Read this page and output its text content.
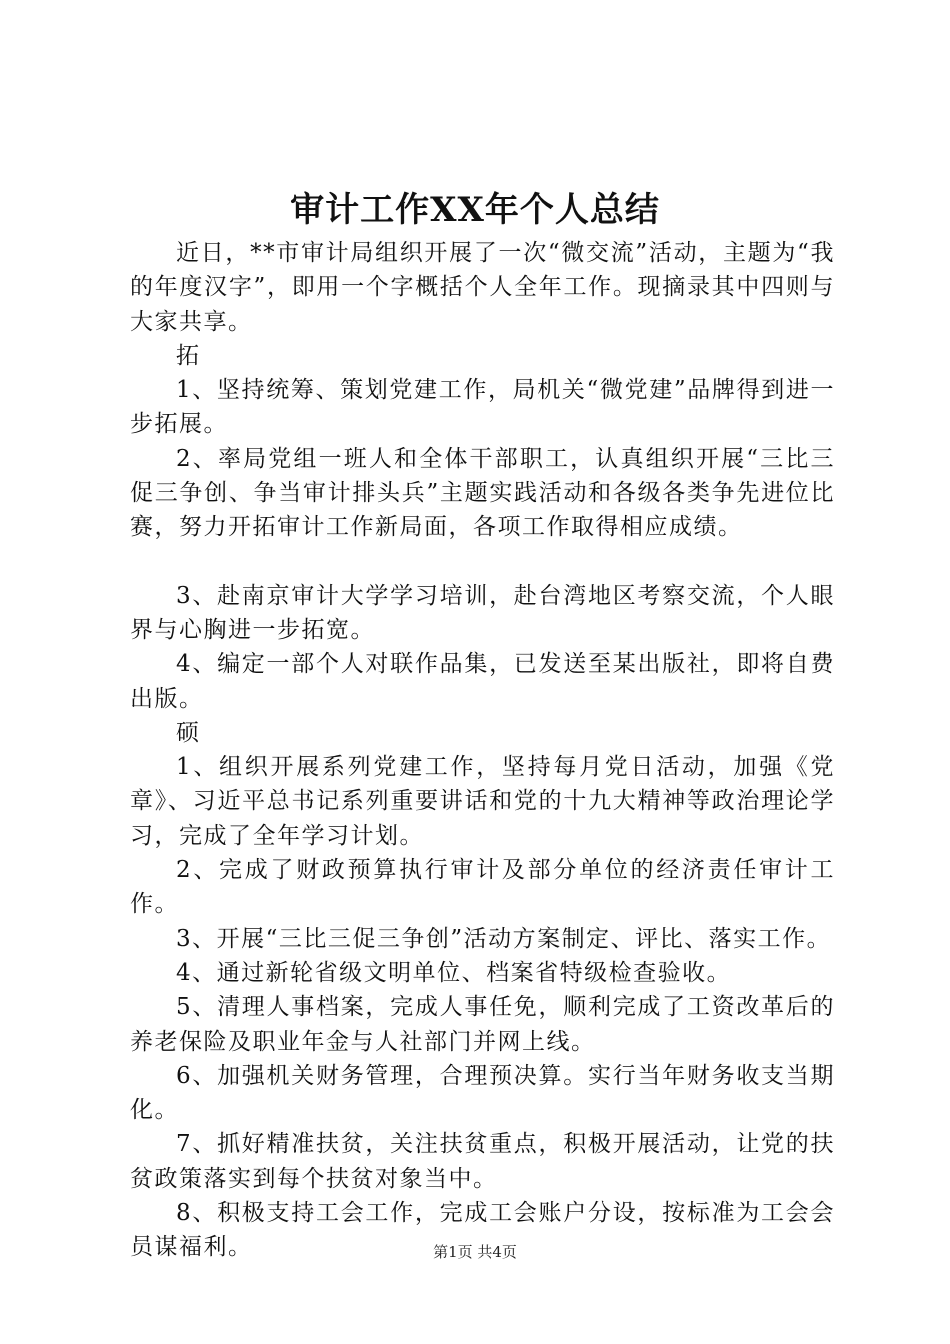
审计工作XX年个人总结

近日，**市审计局组织开展了一次“微交流”活动，主题为“我的年度汉字”，即用一个字概括个人全年工作。现摘录其中四则与大家共享。

拓

1、坚持统筹、策划党建工作，局机关“微党建”品牌得到进一步拓展。

2、率局党组一班人和全体干部职工，认真组织开展“三比三促三争创、争当审计排头兵”主题实践活动和各级各类争先进位比赛，努力开拓审计工作新局面，各项工作取得相应成绩。

3、赴南京审计大学学习培训，赴台湾地区考察交流，个人眼界与心胸进一步拓宽。

4、编定一部个人对联作品集，已发送至某出版社，即将自费出版。

硕

1、组织开展系列党建工作，坚持每月党日活动，加强《党章》、习近平总书记系列重要讲话和党的十九大精神等政治理论学习，完成了全年学习计划。

2、完成了财政预算执行审计及部分单位的经济责任审计工作。

3、开展“三比三促三争创”活动方案制定、评比、落实工作。

4、通过新轮省级文明单位、档案省特级检查验收。

5、清理人事档案，完成人事任免，顺利完成了工资改革后的养老保险及职业年金与人社部门并网上线。

6、加强机关财务管理，合理预决算。实行当年财务收支当期化。

7、抓好精准扶贫，关注扶贫重点，积极开展活动，让党的扶贫政策落实到每个扶贫对象当中。

8、积极支持工会工作，完成工会账户分设，按标准为工会会员谋福利。	第1页 共4页
